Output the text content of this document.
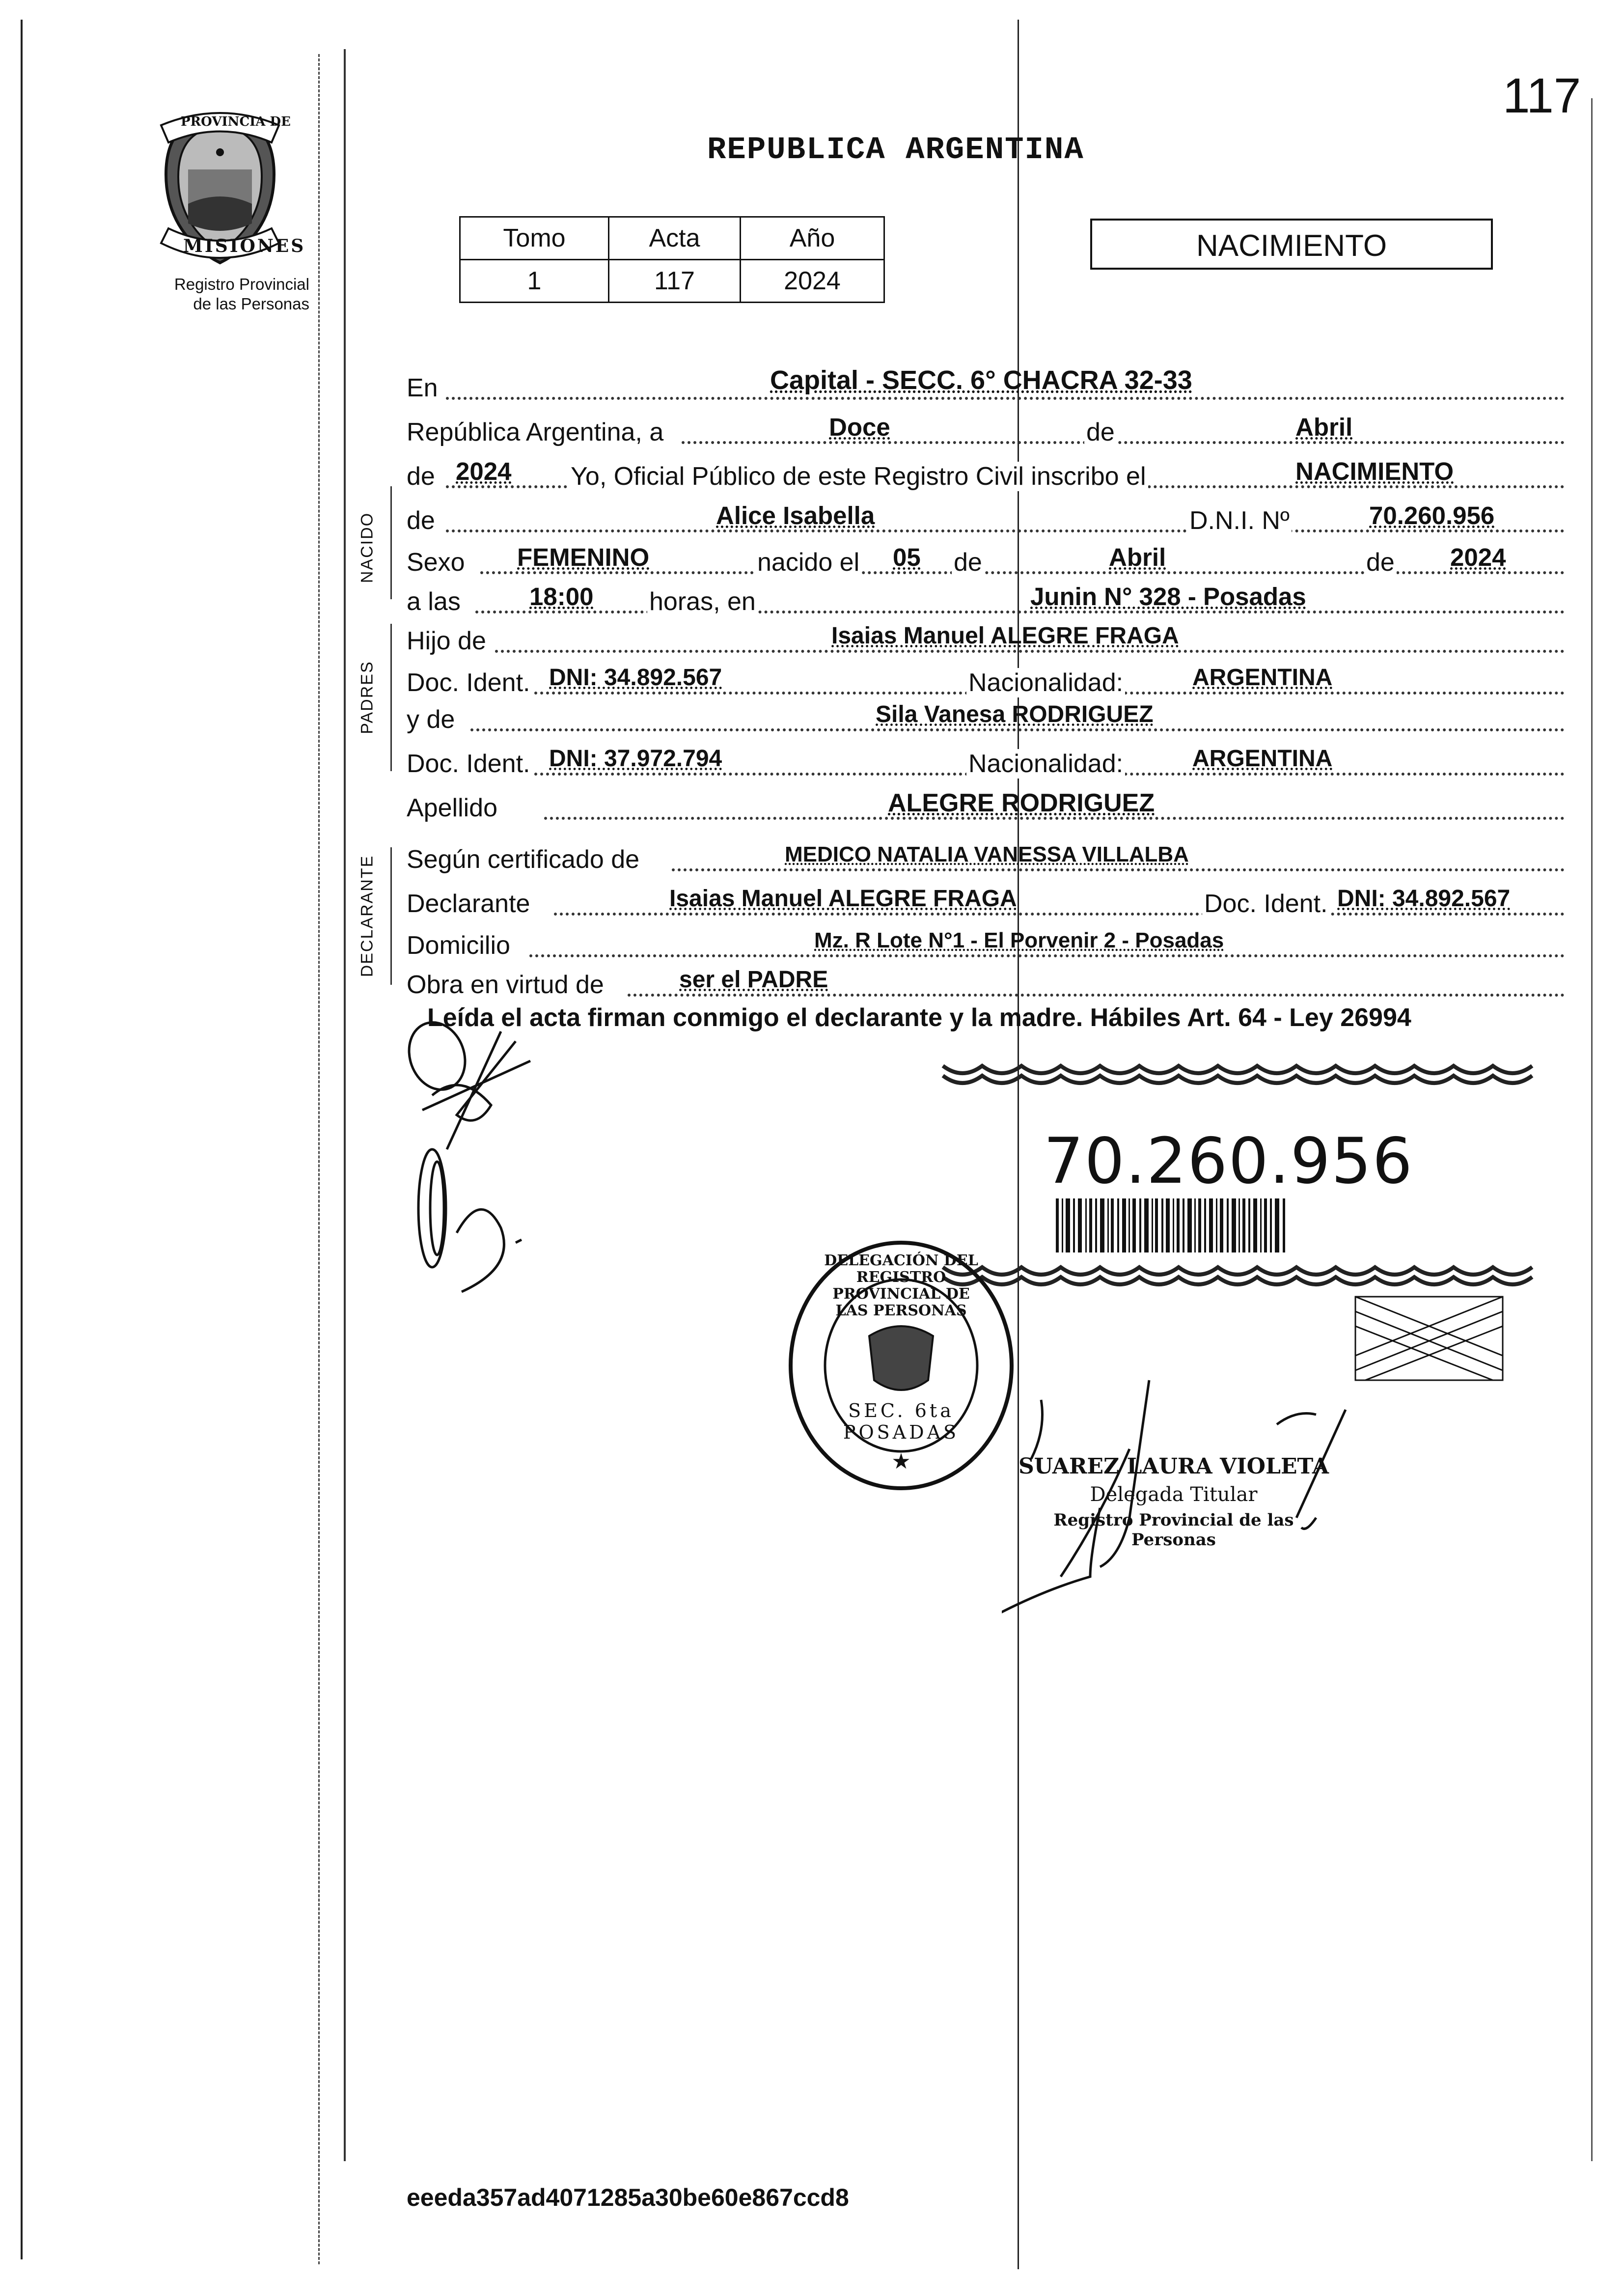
PROVINCIA DE
MISIONES
Registro Provincial
de las Personas
REPUBLICA ARGENTINA
117
Tomo	Acta	Año
1	117	2024
NACIMIENTO
En	Capital - SECC. 6° CHACRA 32-33
República Argentina, a	Doce	de	Abril
de 2024 Yo, Oficial Público de este Registro Civil inscribo el	NACIMIENTO
NACIDO de	Alice Isabella	D.N.I. Nº	70.260.956
Sexo FEMENINO	nacido el 05 de	Abril	de 2024
a las	18:00 horas, en	Junin N° 328 - Posadas
PADRES
Hijo de	Isaias Manuel ALEGRE FRAGA
Doc. Ident. DNI: 34.892.567	Nacionalidad:	ARGENTINA
y de	Sila Vanesa RODRIGUEZ
Doc. Ident. DNI: 37.972.794	Nacionalidad:	ARGENTINA
Apellido	ALEGRE RODRIGUEZ
DECLARANTE Según certificado de	MEDICO NATALIA VANESSA VILLALBA
Declarante	Isaias Manuel ALEGRE FRAGA	Doc. Ident. DNI: 34.892.567
Domicilio	Mz. R Lote N°1 - El Porvenir 2 - Posadas
Obra en virtud de	ser el PADRE
Leída el acta firman conmigo el declarante y la madre. Hábiles Art. 64 - Ley 26994
70.260.956
★
DELEGACIÓN DEL REGISTRO PROVINCIAL DE LAS PERSONAS
SEC. 6ta POSADAS
SUAREZ LAURA VIOLETA
Delegada Titular
Registro Provincial de las Personas
eeeda357ad4071285a30be60e867ccd8
